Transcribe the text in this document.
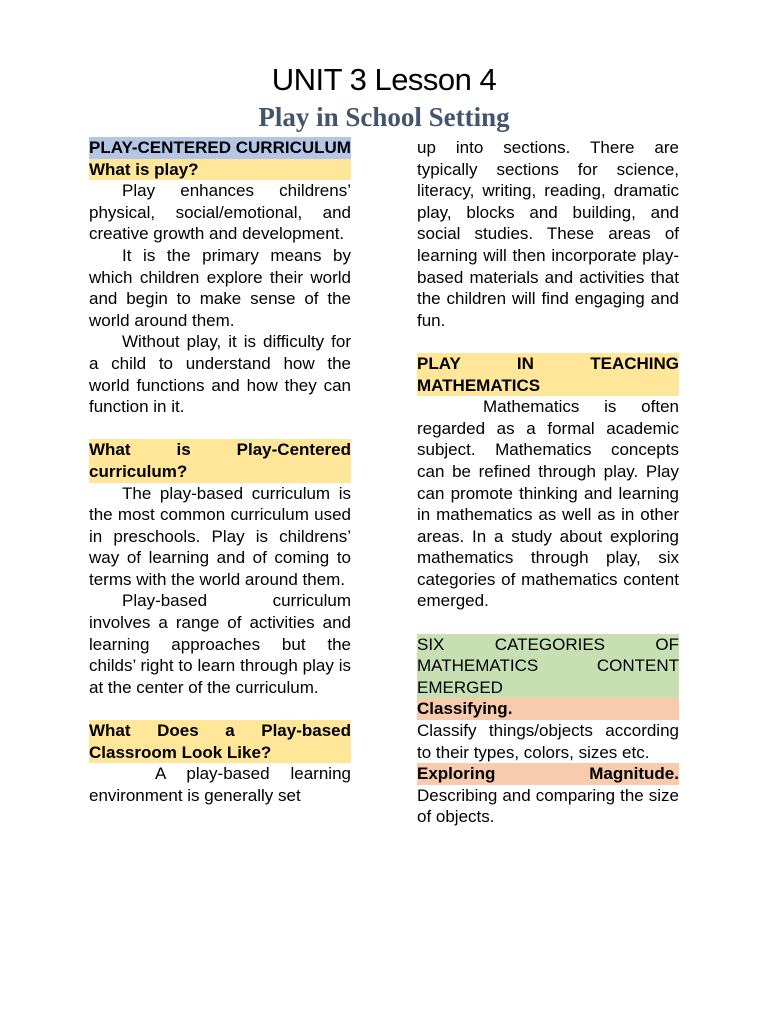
UNIT 3 Lesson 4
Play in School Setting

PLAY-CENTERED CURRICULUM

What is play?

Play enhances childrens’ physical, social/emotional, and creative growth and development.

It is the primary means by which children explore their world and begin to make sense of the world around them.

Without play, it is difficulty for a child to understand how the world functions and how they can function in it.

What is Play-Centered curriculum?

The play-based curriculum is the most common curriculum used in preschools. Play is childrens’ way of learning and of coming to terms with the world around them.

Play-based curriculum involves a range of activities and learning approaches but the childs’ right to learn through play is at the center of the curriculum.

What Does a Play-based Classroom Look Like?

A play-based learning environment is generally set

up into sections. There are typically sections for science, literacy, writing, reading, dramatic play, blocks and building, and social studies. These areas of learning will then incorporate play-based materials and activities that the children will find engaging and fun.

PLAY IN TEACHING MATHEMATICS

Mathematics is often regarded as a formal academic subject. Mathematics concepts can be refined through play. Play can promote thinking and learning in mathematics as well as in other areas. In a study about exploring mathematics through play, six categories of mathematics content emerged.

SIX CATEGORIES OF MATHEMATICS CONTENT EMERGED

Classifying.

Classify things/objects according to their types, colors, sizes etc.

Exploring Magnitude.

Describing and comparing the size of objects.
